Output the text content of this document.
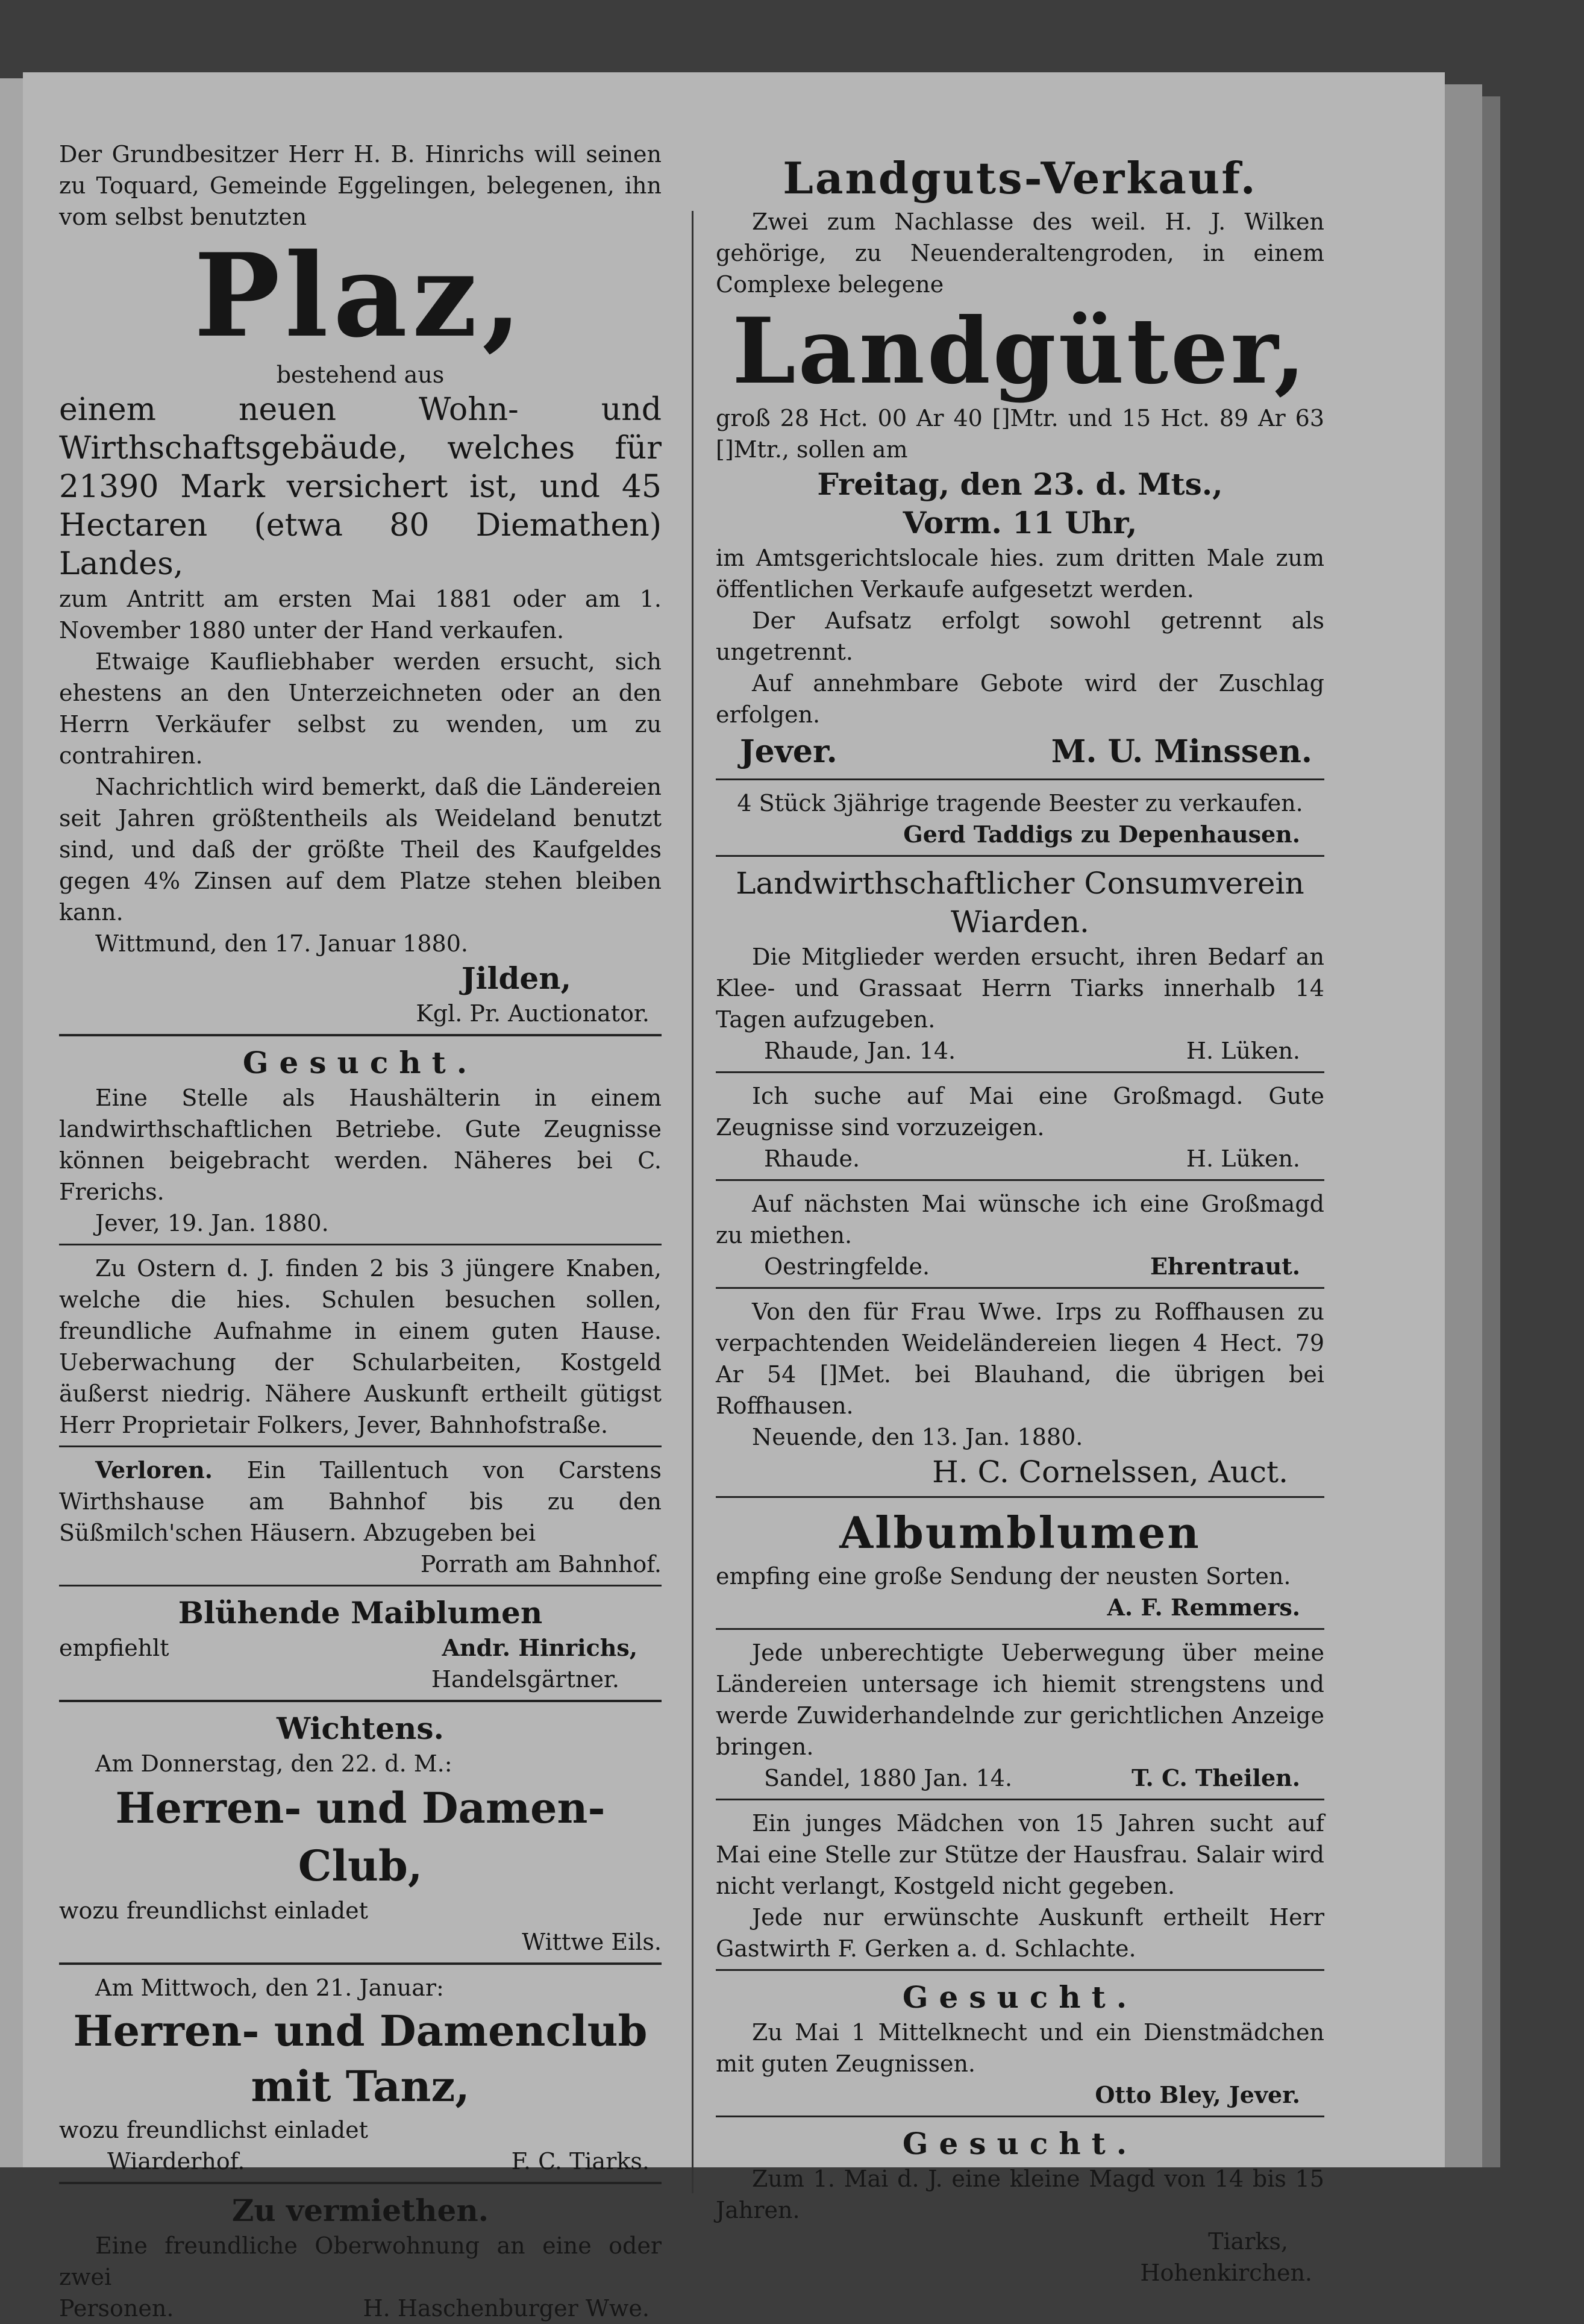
Der Grundbesitzer Herr H. B. Hinrichs will seinen zu Toquard, Gemeinde Eggelingen, belegenen, ihn vom selbst benutzten

Plaz,

bestehend aus

einem neuen Wohn- und Wirthschaftsgebäude, welches für 21390 Mark versichert ist, und 45 Hectaren (etwa 80 Diemathen) Landes,

zum Antritt am ersten Mai 1881 oder am 1. November 1880 unter der Hand verkaufen.

Etwaige Kaufliebhaber werden ersucht, sich ehestens an den Unterzeichneten oder an den Herrn Verkäufer selbst zu wenden, um zu contrahiren.

Nachrichtlich wird bemerkt, daß die Ländereien seit Jahren größtentheils als Weideland benutzt sind, und daß der größte Theil des Kaufgeldes gegen 4% Zinsen auf dem Platze stehen bleiben kann.

Wittmund, den 17. Januar 1880.

Jilden,

Kgl. Pr. Auctionator.

Gesucht.

Eine Stelle als Haushälterin in einem landwirthschaftlichen Betriebe. Gute Zeugnisse können beigebracht werden. Näheres bei C. Frerichs.

Jever, 19. Jan. 1880.

Zu Ostern d. J. finden 2 bis 3 jüngere Knaben, welche die hies. Schulen besuchen sollen, freundliche Aufnahme in einem guten Hause. Ueberwachung der Schularbeiten, Kostgeld äußerst niedrig. Nähere Auskunft ertheilt gütigst Herr Proprietair Folkers, Jever, Bahnhofstraße.

Verloren. Ein Taillentuch von Carstens Wirthshause am Bahnhof bis zu den Süßmilch'schen Häusern. Abzugeben bei

Porrath am Bahnhof.

Blühende Maiblumen
empfiehlt	Andr. Hinrichs,

Handelsgärtner.

Wichtens.

Am Donnerstag, den 22. d. M.:

Herren- und Damen-Club,

wozu freundlichst einladet

Wittwe Eils.

Am Mittwoch, den 21. Januar:

Herren- und Damenclub
mit Tanz,

wozu freundlichst einladet

Wiarderhof.	F. C. Tiarks.
Zu vermiethen.

Eine freundliche Oberwohnung an eine oder zwei

Personen.	H. Haschenburger Wwe.
Landguts-Verkauf.

Zwei zum Nachlasse des weil. H. J. Wilken gehörige, zu Neuenderaltengroden, in einem Complexe belegene

Landgüter,

groß 28 Hct. 00 Ar 40 []Mtr. und 15 Hct. 89 Ar 63 []Mtr., sollen am

Freitag, den 23. d. Mts.,
Vorm. 11 Uhr,

im Amtsgerichtslocale hies. zum dritten Male zum öffentlichen Verkaufe aufgesetzt werden.

Der Aufsatz erfolgt sowohl getrennt als ungetrennt.

Auf annehmbare Gebote wird der Zuschlag erfolgen.

Jever.	M. U. Minssen.

4 Stück 3jährige tragende Beester zu verkaufen.

Gerd Taddigs zu Depenhausen.

Landwirthschaftlicher Consumverein Wiarden.

Die Mitglieder werden ersucht, ihren Bedarf an Klee- und Grassaat Herrn Tiarks innerhalb 14 Tagen aufzugeben.

Rhaude, Jan. 14.	H. Lüken.

Ich suche auf Mai eine Großmagd. Gute Zeugnisse sind vorzuzeigen.

Rhaude.	H. Lüken.

Auf nächsten Mai wünsche ich eine Großmagd zu miethen.

Oestringfelde.	Ehrentraut.

Von den für Frau Wwe. Irps zu Roffhausen zu verpachtenden Weideländereien liegen 4 Hect. 79 Ar 54 []Met. bei Blauhand, die übrigen bei Roffhausen.

Neuende, den 13. Jan. 1880.

H. C. Cornelssen, Auct.
Albumblumen

empfing eine große Sendung der neusten Sorten.

A. F. Remmers.

Jede unberechtigte Ueberwegung über meine Ländereien untersage ich hiemit strengstens und werde Zuwiderhandelnde zur gerichtlichen Anzeige bringen.

Sandel, 1880 Jan. 14.	T. C. Theilen.

Ein junges Mädchen von 15 Jahren sucht auf Mai eine Stelle zur Stütze der Hausfrau. Salair wird nicht verlangt, Kostgeld nicht gegeben.

Jede nur erwünschte Auskunft ertheilt Herr Gastwirth F. Gerken a. d. Schlachte.

Gesucht.

Zu Mai 1 Mittelknecht und ein Dienstmädchen mit guten Zeugnissen.

Otto Bley, Jever.

Gesucht.

Zum 1. Mai d. J. eine kleine Magd von 14 bis 15 Jahren.

Tiarks,

Hohenkirchen.
